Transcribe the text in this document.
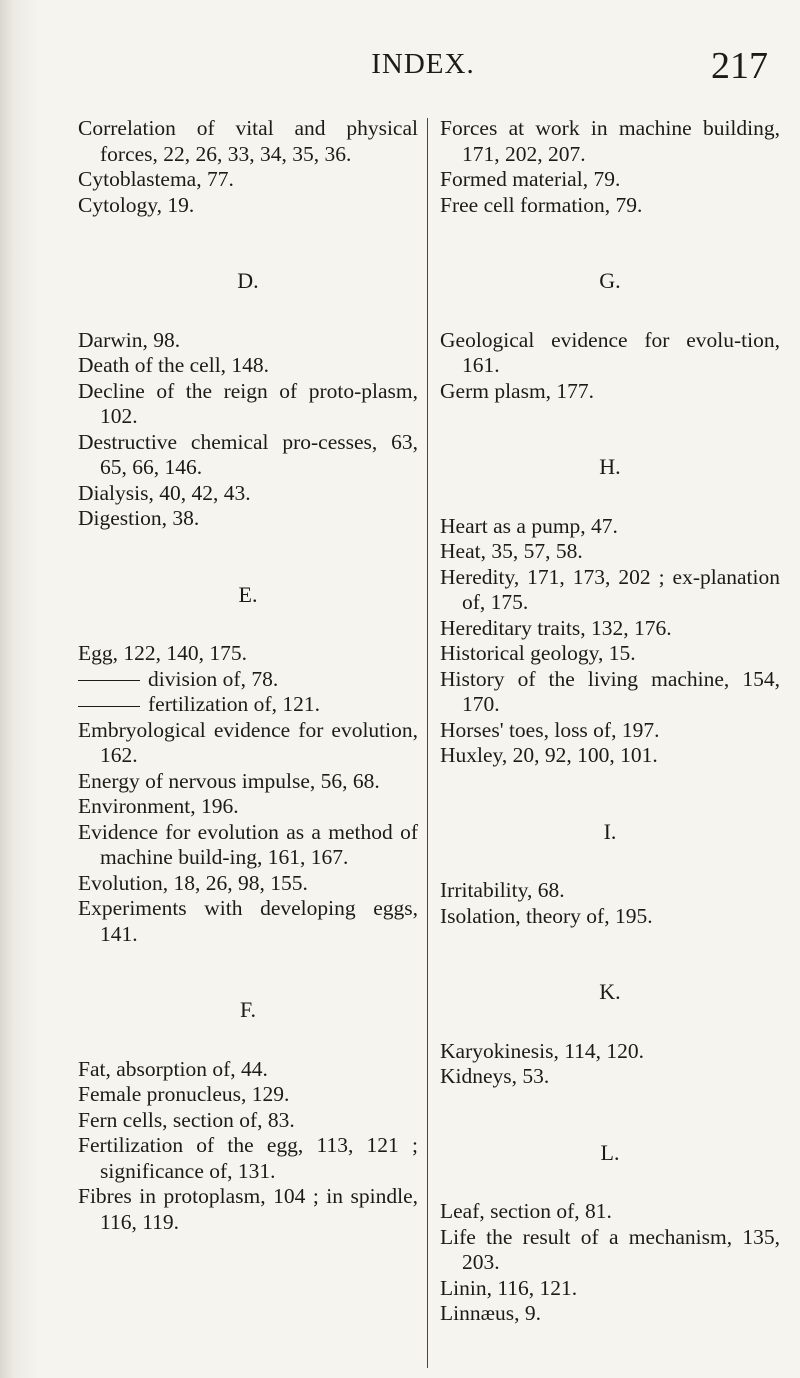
INDEX.	217
Correlation of vital and physical forces, 22, 26, 33, 34, 35, 36.
Cytoblastema, 77.
Cytology, 19.
D.
Darwin, 98.
Death of the cell, 148.
Decline of the reign of proto-plasm, 102.
Destructive chemical pro-cesses, 63, 65, 66, 146.
Dialysis, 40, 42, 43.
Digestion, 38.
E.
Egg, 122, 140, 175.
division of, 78.
fertilization of, 121.
Embryological evidence for evolution, 162.
Energy of nervous impulse, 56, 68.
Environment, 196.
Evidence for evolution as a method of machine build-ing, 161, 167.
Evolution, 18, 26, 98, 155.
Experiments with developing eggs, 141.
F.
Fat, absorption of, 44.
Female pronucleus, 129.
Fern cells, section of, 83.
Fertilization of the egg, 113, 121 ; significance of, 131.
Fibres in protoplasm, 104 ; in spindle, 116, 119.
Forces at work in machine building, 171, 202, 207.
Formed material, 79.
Free cell formation, 79.
G.
Geological evidence for evolu-tion, 161.
Germ plasm, 177.
H.
Heart as a pump, 47.
Heat, 35, 57, 58.
Heredity, 171, 173, 202 ; ex-planation of, 175.
Hereditary traits, 132, 176.
Historical geology, 15.
History of the living machine, 154, 170.
Horses' toes, loss of, 197.
Huxley, 20, 92, 100, 101.
I.
Irritability, 68.
Isolation, theory of, 195.
K.
Karyokinesis, 114, 120.
Kidneys, 53.
L.
Leaf, section of, 81.
Life the result of a mechanism, 135, 203.
Linin, 116, 121.
Linnæus, 9.
